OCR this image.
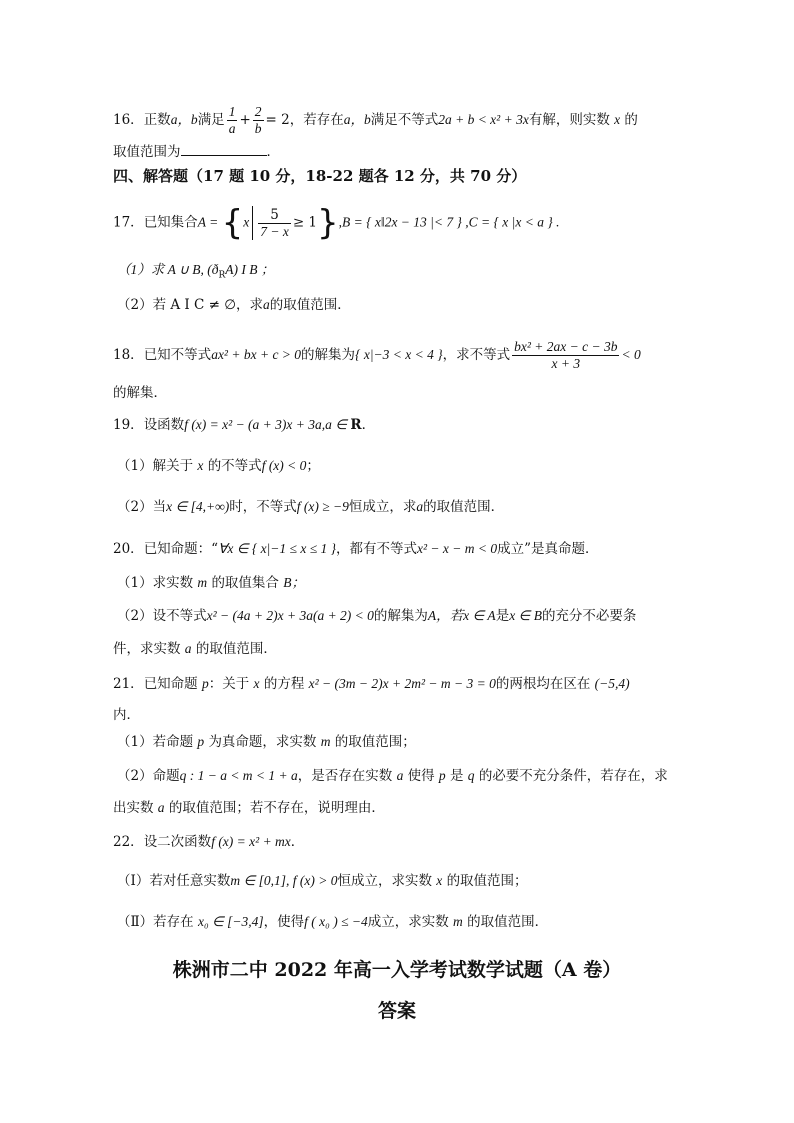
16．正数a，b满足 $\frac{1}{a} + \frac{2}{b} = 2$，若存在a，b满足不等式2a + b < x² + 3x有解，则实数 x 的
取值范围为	．
四、解答题（17 题 10 分，18-22 题各 12 分，共 70 分）
17．已知集合$A = \{x \frac{5}{7 - x} \ge 1\},B$ = { x‖2x − 13 |< 7 } ,C = { x |x < a } .
（1）求 A ∪ B, $(ð_RA)$ Ι B ；
（2）若 A Ι C ≠ ∅，求a的取值范围．
18．已知不等式ax² + bx + c > 0的解集为{ x|−3 < x < 4 }，求不等式 $\frac{\text{bx² + 2ax − c − 3b}}{x + 3} < 0$
的解集．
19．设函数f (x) = x² − (a + 3)x + 3a,a ∈ R．
（1）解关于 x 的不等式f (x) < 0；
（2）当x ∈ [4,+∞)时，不等式f (x) ≥ −9恒成立，求a的取值范围．
20．已知命题：“∀x ∈ { x|−1 ≤ x ≤ 1 }，都有不等式x² − x − m < 0成立”是真命题．
（1）求实数 m 的取值集合 B；
（2）设不等式x² − (4a + 2)x + 3a(a + 2) < 0的解集为A，若x ∈ A是x ∈ B的充分不必要条
件，求实数 a 的取值范围．
21．已知命题 p：关于 x 的方程 x² − (3m − 2)x + 2m² − m − 3 = 0的两根均在区在 (−5,4)
内．
（1）若命题 p 为真命题，求实数 m 的取值范围；
（2）命题q : 1 − a < m < 1 + a，是否存在实数 a 使得 p 是 q 的必要不充分条件，若存在，求
出实数 a 的取值范围；若不存在，说明理由．
22．设二次函数f (x) = x² + mx．
（Ⅰ）若对任意实数m ∈ [0,1], f (x) > 0恒成立，求实数 x 的取值范围；
（Ⅱ）若存在 x₀ ∈ [−3,4]，使得f ( x₀ ) ≤ −4成立，求实数 m 的取值范围．
株洲市二中 2022 年高一入学考试数学试题（A 卷）
答案
